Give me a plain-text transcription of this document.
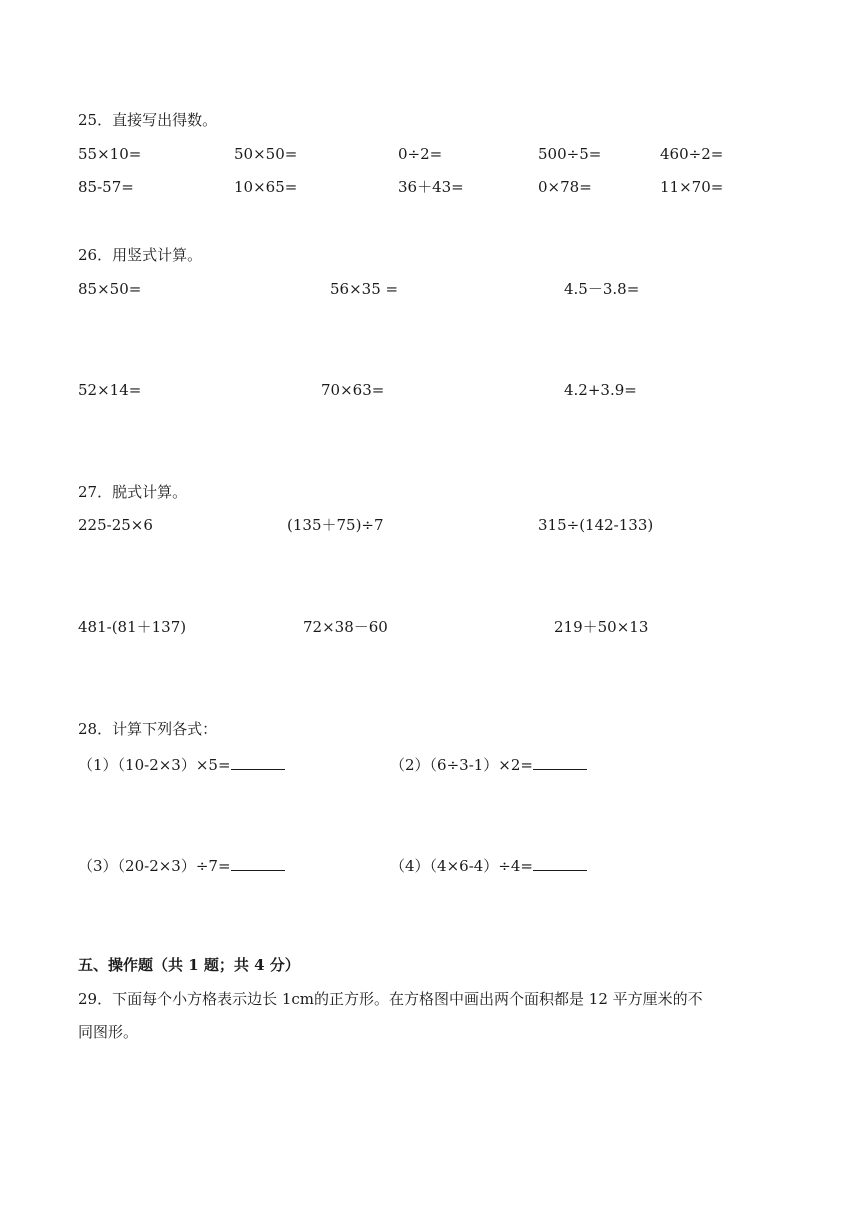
25．直接写出得数。
55×10=	50×50=	0÷2=	500÷5=	460÷2=
85-57=	10×65=	36＋43=	0×78=	11×70=
26．用竖式计算。
85×50=	56×35 =	4.5－3.8=
52×14=	70×63=	4.2+3.9=
27．脱式计算。
225-25×6	(135＋75)÷7	315÷(142-133)
481-(81＋137)	72×38－60	219＋50×13
28．计算下列各式：
（1）（10-2×3）×5=	（2）（6÷3-1）×2=
（3）（20-2×3）÷7=	（4）（4×6-4）÷4=
五、操作题（共 1 题；共 4 分）
29．下面每个小方格表示边长 1cm的正方形。在方格图中画出两个面积都是 12 平方厘米的不
同图形。
